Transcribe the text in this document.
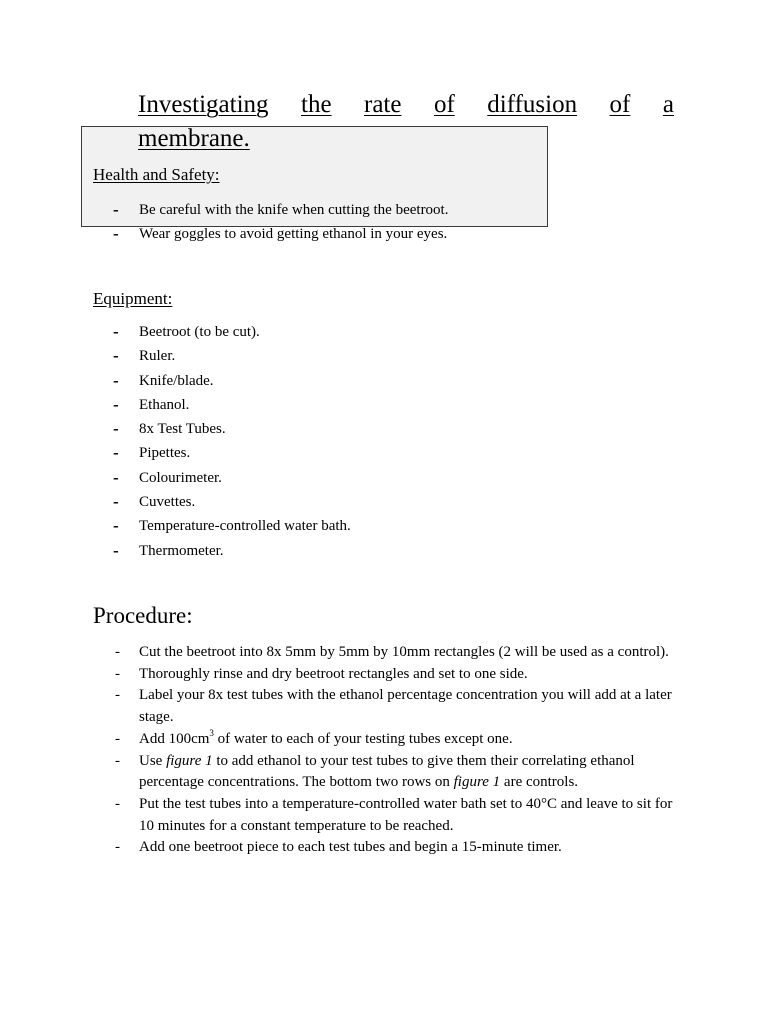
Investigating the rate of diffusion of a
membrane.
Health and Safety:
- Be careful with the knife when cutting the beetroot.
- Wear goggles to avoid getting ethanol in your eyes.
Equipment:
- Beetroot (to be cut).
- Ruler.
- Knife/blade.
- Ethanol.
- 8x Test Tubes.
- Pipettes.
- Colourimeter.
- Cuvettes.
- Temperature-controlled water bath.
- Thermometer.
Procedure:
- Cut the beetroot into 8x 5mm by 5mm by 10mm rectangles (2 will be used as a control).
- Thoroughly rinse and dry beetroot rectangles and set to one side.
- Label your 8x test tubes with the ethanol percentage concentration you will add at a later stage.
- Add $100cm^3$ of water to each of your testing tubes except one.
- Use figure 1 to add ethanol to your test tubes to give them their correlating ethanol percentage concentrations. The bottom two rows on figure 1 are controls.
- Put the test tubes into a temperature-controlled water bath set to 40°C and leave to sit for 10 minutes for a constant temperature to be reached.
- Add one beetroot piece to each test tubes and begin a 15-minute timer.
